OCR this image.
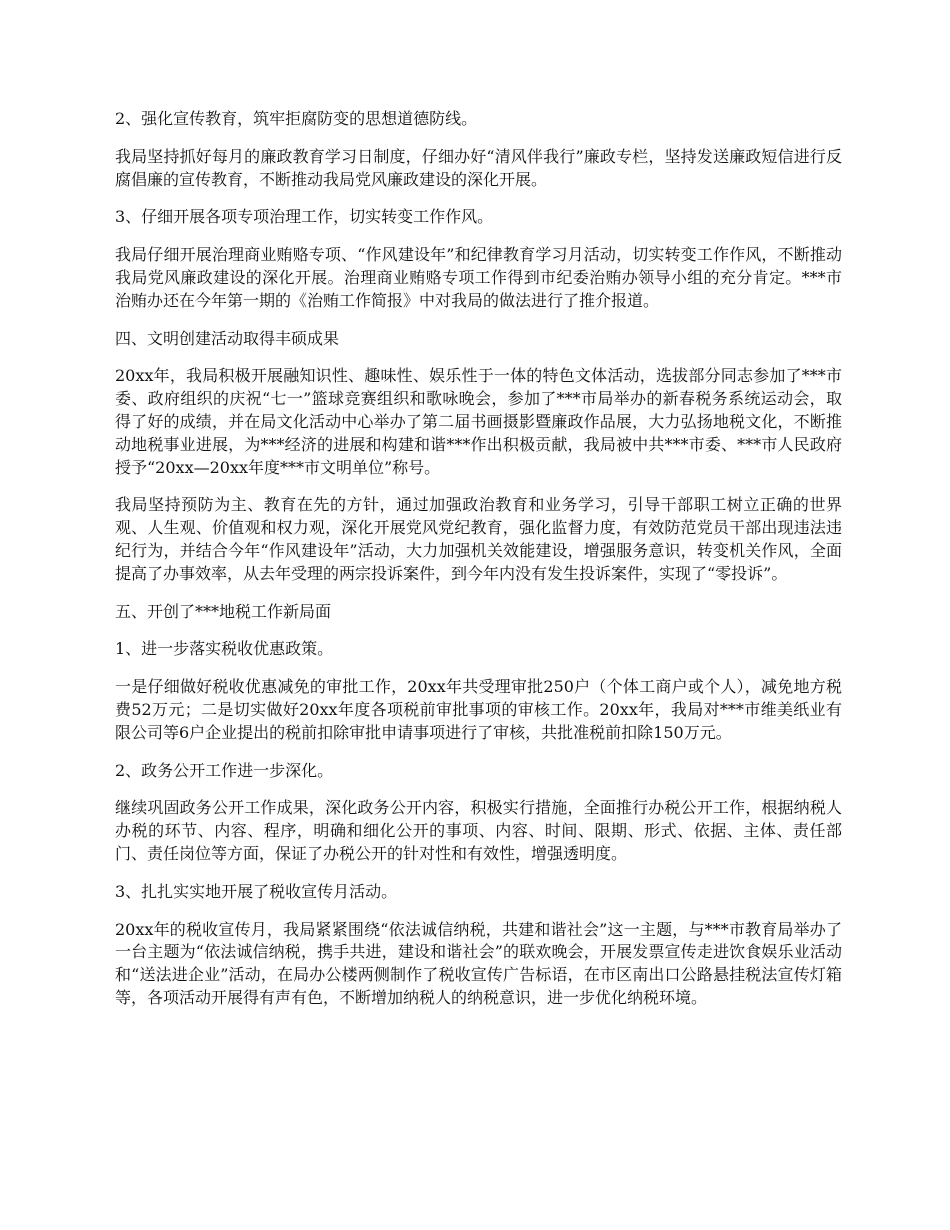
2、强化宣传教育，筑牢拒腐防变的思想道德防线。

我局坚持抓好每月的廉政教育学习日制度，仔细办好“清风伴我行”廉政专栏，坚持发送廉政短信进行反腐倡廉的宣传教育，不断推动我局党风廉政建设的深化开展。

3、仔细开展各项专项治理工作，切实转变工作作风。

我局仔细开展治理商业贿赂专项、“作风建设年”和纪律教育学习月活动，切实转变工作作风，不断推动我局党风廉政建设的深化开展。治理商业贿赂专项工作得到市纪委治贿办领导小组的充分肯定。***市治贿办还在今年第一期的《治贿工作简报》中对我局的做法进行了推介报道。

四、文明创建活动取得丰硕成果

20xx年，我局积极开展融知识性、趣味性、娱乐性于一体的特色文体活动，选拔部分同志参加了***市委、政府组织的庆祝“七一”篮球竞赛组织和歌咏晚会，参加了***市局举办的新春税务系统运动会，取得了好的成绩，并在局文化活动中心举办了第二届书画摄影暨廉政作品展，大力弘扬地税文化，不断推动地税事业进展，为***经济的进展和构建和谐***作出积极贡献，我局被中共***市委、***市人民政府授予“20xx—20xx年度***市文明单位”称号。

我局坚持预防为主、教育在先的方针，通过加强政治教育和业务学习，引导干部职工树立正确的世界观、人生观、价值观和权力观，深化开展党风党纪教育，强化监督力度，有效防范党员干部出现违法违纪行为，并结合今年“作风建设年”活动，大力加强机关效能建设，增强服务意识，转变机关作风，全面提高了办事效率，从去年受理的两宗投诉案件，到今年内没有发生投诉案件，实现了“零投诉”。

五、开创了***地税工作新局面

1、进一步落实税收优惠政策。

一是仔细做好税收优惠减免的审批工作，20xx年共受理审批250户（个体工商户或个人），减免地方税费52万元；二是切实做好20xx年度各项税前审批事项的审核工作。20xx年，我局对***市维美纸业有限公司等6户企业提出的税前扣除审批申请事项进行了审核，共批准税前扣除150万元。

2、政务公开工作进一步深化。

继续巩固政务公开工作成果，深化政务公开内容，积极实行措施，全面推行办税公开工作，根据纳税人办税的环节、内容、程序，明确和细化公开的事项、内容、时间、限期、形式、依据、主体、责任部门、责任岗位等方面，保证了办税公开的针对性和有效性，增强透明度。

3、扎扎实实地开展了税收宣传月活动。

20xx年的税收宣传月，我局紧紧围绕“依法诚信纳税，共建和谐社会”这一主题，与***市教育局举办了一台主题为“依法诚信纳税，携手共进，建设和谐社会”的联欢晚会，开展发票宣传走进饮食娱乐业活动和“送法进企业”活动，在局办公楼两侧制作了税收宣传广告标语，在市区南出口公路悬挂税法宣传灯箱等，各项活动开展得有声有色，不断增加纳税人的纳税意识，进一步优化纳税环境。
